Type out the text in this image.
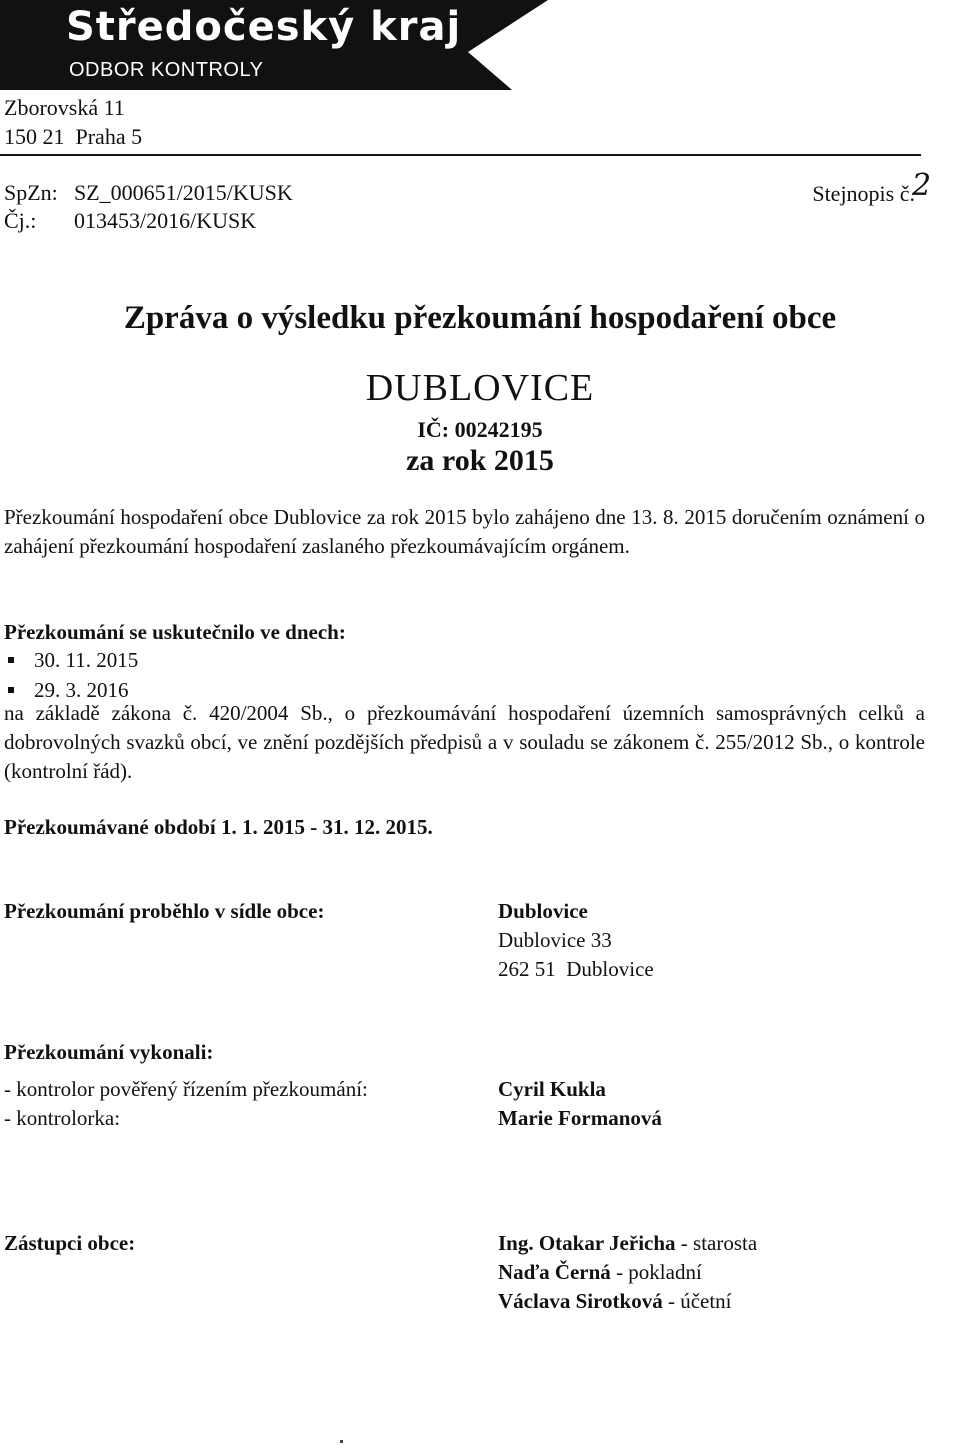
Středočeský kraj
ODBOR KONTROLY
Zborovská 11
150 21  Praha 5
SpZn: SZ_000651/2015/KUSK
Čj.: 013453/2016/KUSK
Stejnopis č.
2
Zpráva o výsledku přezkoumání hospodaření obce
DUBLOVICE
IČ: 00242195
za rok 2015

Přezkoumání hospodaření obce Dublovice za rok 2015 bylo zahájeno dne 13. 8. 2015 doručením oznámení o zahájení přezkoumání hospodaření zaslaného přezkoumávajícím orgánem.

Přezkoumání se uskutečnilo ve dnech:
30. 11. 2015
29. 3. 2016

na základě zákona č. 420/2004 Sb., o přezkoumávání hospodaření územních samosprávných celků a dobrovolných svazků obcí, ve znění pozdějších předpisů a v souladu se zákonem č. 255/2012 Sb., o kontrole (kontrolní řád).

Přezkoumávané období 1. 1. 2015 - 31. 12. 2015.
Přezkoumání proběhlo v sídle obce:	Dublovice
Dublovice 33
262 51  Dublovice
Přezkoumání vykonali:
- kontrolor pověřený řízením přezkoumání:	Cyril Kukla
- kontrolorka:	Marie Formanová
Zástupci obce:	Ing. Otakar Jeřicha - starosta
Naďa Černá - pokladní
Václava Sirotková - účetní
